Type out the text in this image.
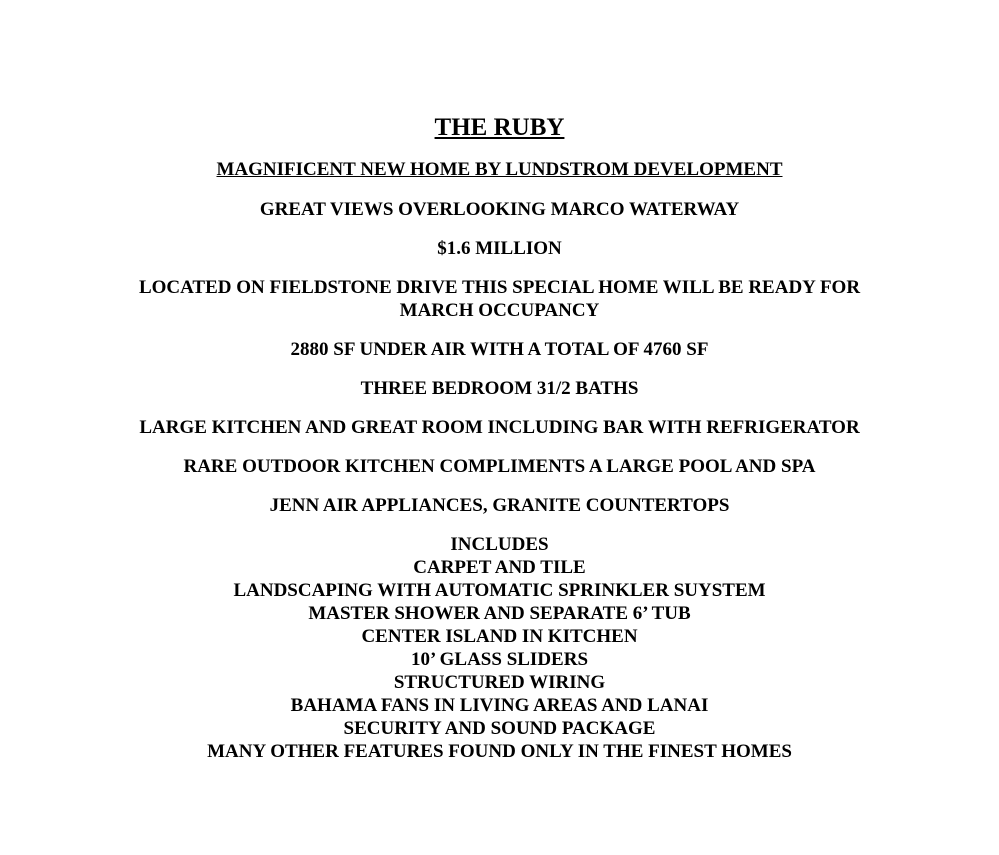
THE RUBY
MAGNIFICENT NEW HOME BY LUNDSTROM DEVELOPMENT
GREAT VIEWS OVERLOOKING MARCO WATERWAY
$1.6 MILLION
LOCATED ON FIELDSTONE DRIVE THIS SPECIAL HOME WILL BE READY FOR
MARCH OCCUPANCY
2880 SF UNDER AIR WITH A TOTAL OF 4760 SF
THREE BEDROOM 31/2 BATHS
LARGE KITCHEN AND GREAT ROOM INCLUDING BAR WITH REFRIGERATOR
RARE OUTDOOR KITCHEN COMPLIMENTS A LARGE POOL AND SPA
JENN AIR APPLIANCES, GRANITE COUNTERTOPS
INCLUDES
CARPET AND TILE
LANDSCAPING WITH AUTOMATIC SPRINKLER SUYSTEM
MASTER SHOWER AND SEPARATE 6’ TUB
CENTER ISLAND IN KITCHEN
10’ GLASS SLIDERS
STRUCTURED WIRING
BAHAMA FANS IN LIVING AREAS AND LANAI
SECURITY AND SOUND PACKAGE
MANY OTHER FEATURES FOUND ONLY IN THE FINEST HOMES
